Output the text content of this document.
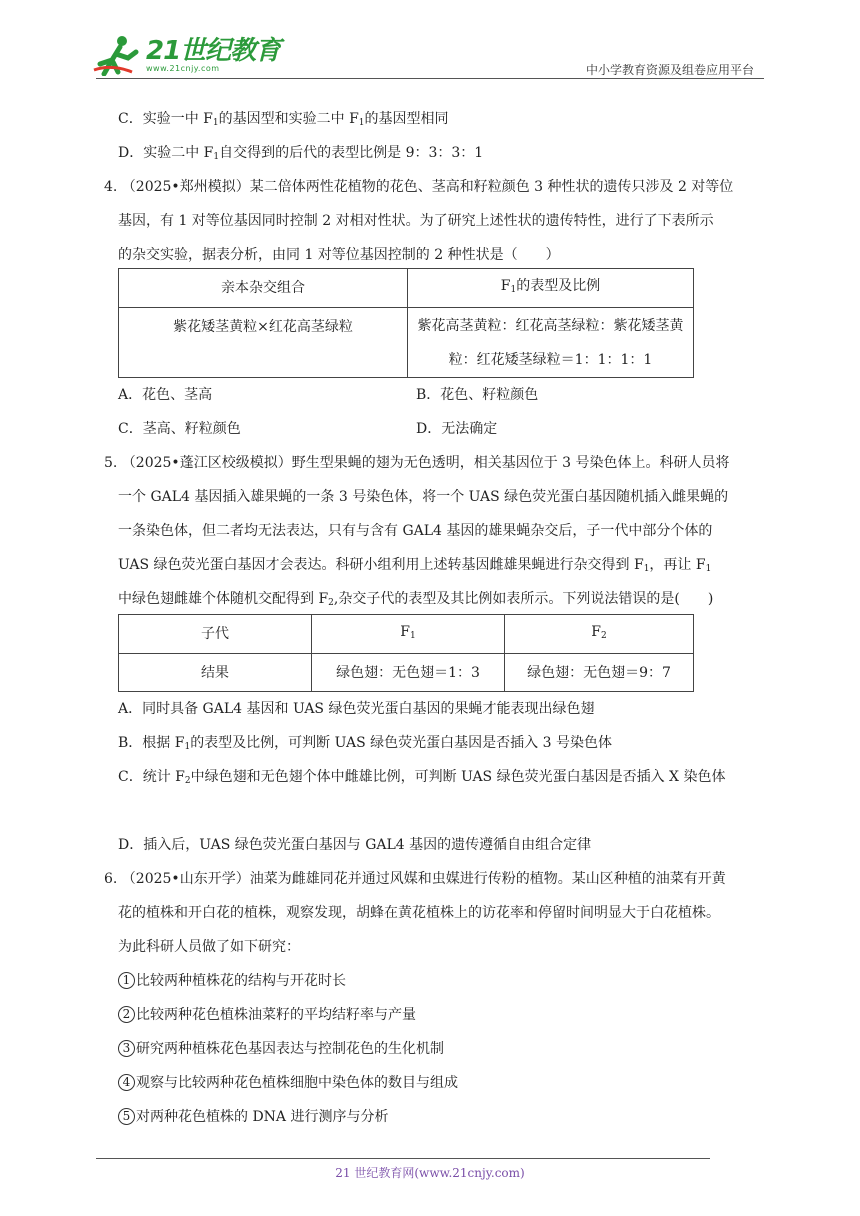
21世纪教育
www.21cnjy.com	中小学教育资源及组卷应用平台
C．实验一中 $F_1$的基因型和实验二中 $F_1$的基因型相同
D．实验二中 $F_1$自交得到的后代的表型比例是 9：3：3：1
4. （2025•郑州模拟）某二倍体两性花植物的花色、茎高和籽粒颜色 3 种性状的遗传只涉及 2 对等位
基因，有 1 对等位基因同时控制 2 对相对性状。为了研究上述性状的遗传特性，进行了下表所示
的杂交实验，据表分析，由同 1 对等位基因控制的 2 种性状是（　　）
亲本杂交组合	$F_1$的表型及比例
紫花矮茎黄粒×红花高茎绿粒	紫花高茎黄粒：红花高茎绿粒：紫花矮茎黄
粒：红花矮茎绿粒＝1：1：1：1
A．花色、茎高	B．花色、籽粒颜色
C．茎高、籽粒颜色	D．无法确定
5. （2025•蓬江区校级模拟）野生型果蝇的翅为无色透明，相关基因位于 3 号染色体上。科研人员将
一个 GAL4 基因插入雄果蝇的一条 3 号染色体，将一个 UAS 绿色荧光蛋白基因随机插入雌果蝇的
一条染色体，但二者均无法表达，只有与含有 GAL4 基因的雄果蝇杂交后，子一代中部分个体的
UAS 绿色荧光蛋白基因才会表达。科研小组利用上述转基因雌雄果蝇进行杂交得到 $F_1$，再让 $F_1$
中绿色翅雌雄个体随机交配得到 $F_2$,杂交子代的表型及其比例如表所示。下列说法错误的是(　　)
子代	$F_1$	$F_2$
结果	绿色翅：无色翅＝1：3	绿色翅：无色翅＝9：7
A．同时具备 GAL4 基因和 UAS 绿色荧光蛋白基因的果蝇才能表现出绿色翅
B．根据 $F_1$的表型及比例，可判断 UAS 绿色荧光蛋白基因是否插入 3 号染色体
C．统计 $F_2$中绿色翅和无色翅个体中雌雄比例，可判断 UAS 绿色荧光蛋白基因是否插入 X 染色体
D．插入后，UAS 绿色荧光蛋白基因与 GAL4 基因的遗传遵循自由组合定律
6. （2025•山东开学）油菜为雌雄同花并通过风媒和虫媒进行传粉的植物。某山区种植的油菜有开黄
花的植株和开白花的植株，观察发现，胡蜂在黄花植株上的访花率和停留时间明显大于白花植株。
为此科研人员做了如下研究：
1 比较两种植株花的结构与开花时长
2 比较两种花色植株油菜籽的平均结籽率与产量
3 研究两种植株花色基因表达与控制花色的生化机制
4 观察与比较两种花色植株细胞中染色体的数目与组成
5 对两种花色植株的 DNA 进行测序与分析
21 世纪教育网(www.21cnjy.com)
